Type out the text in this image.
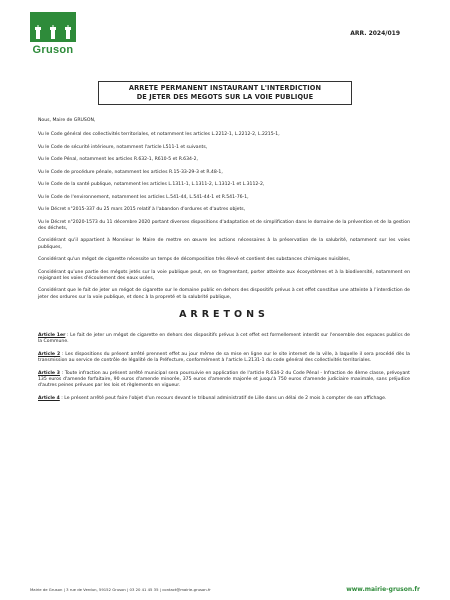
Gruson
ARR. 2024/019
ARRETE PERMANENT INSTAURANT L'INTERDICTION
DE JETER DES MEGOTS SUR LA VOIE PUBLIQUE

Nous, Maire de GRUSON,

Vu le Code général des collectivités territoriales, et notamment les articles L.2212-1, L.2212-2, L.2215-1,

Vu le Code de sécurité intérieure, notamment l'article L511-1 et suivants,

Vu le Code Pénal, notamment les articles R.632-1, R610-5 et R.634-2,

Vu le Code de procédure pénale, notamment les articles R.15-33-29-3 et R.48-1,

Vu le Code de la santé publique, notamment les articles L.1311-1, L.1311-2, L.1312-1 et L.3112-2,

Vu le Code de l'environnement, notamment les articles L.541-44, L.541-44-1 et R.541-76-1,

Vu le Décret n°2015-337 du 25 mars 2015 relatif à l'abandon d'ordures et d'autres objets,

Vu le Décret n°2020-1573 du 11 décembre 2020 portant diverses dispositions d'adaptation et de simplification dans le domaine de la prévention et de la gestion des déchets,

Considérant qu'il appartient à Monsieur le Maire de mettre en œuvre les actions nécessaires à la préservation de la salubrité, notamment sur les voies publiques,

Considérant qu'un mégot de cigarette nécessite un temps de décomposition très élevé et contient des substances chimiques nuisibles,

Considérant qu'une partie des mégots jetés sur la voie publique peut, en se fragmentant, porter atteinte aux écosystèmes et à la biodiversité, notamment en rejoignant les voies d'écoulement des eaux usées,

Considérant que le fait de jeter un mégot de cigarette sur le domaine public en dehors des dispositifs prévus à cet effet constitue une atteinte à l'interdiction de jeter des ordures sur la voie publique, et donc à la propreté et la salubrité publique,

ARRETONS

Article 1er : Le fait de jeter un mégot de cigarette en dehors des dispositifs prévus à cet effet est formellement interdit sur l'ensemble des espaces publics de la Commune.

Article 2 : Les dispositions du présent arrêté prennent effet au jour même de sa mise en ligne sur le site internet de la ville, à laquelle il sera procédé dès la transmission au service de contrôle de légalité de la Préfecture, conformément à l'article L.2131-1 du code général des collectivités territoriales.

Article 3 : Toute infraction au présent arrêté municipal sera poursuivie en application de l'article R.634-2 du Code Pénal - Infraction de 4ème classe, prévoyant 135 euros d'amende forfaitaire, 90 euros d'amende minorée, 375 euros d'amende majorée et jusqu'à 750 euros d'amende judiciaire maximale, sans préjudice d'autres peines prévues par les lois et règlements en vigueur.

Article 4 : Le présent arrêté peut faire l'objet d'un recours devant le tribunal administratif de Lille dans un délai de 2 mois à compter de son affichage.

Mairie de Gruson | 3 rue de Verdun, 59152 Gruson | 03 20 41 45 35 | contact@mairie-gruson.fr	www.mairie-gruson.fr
